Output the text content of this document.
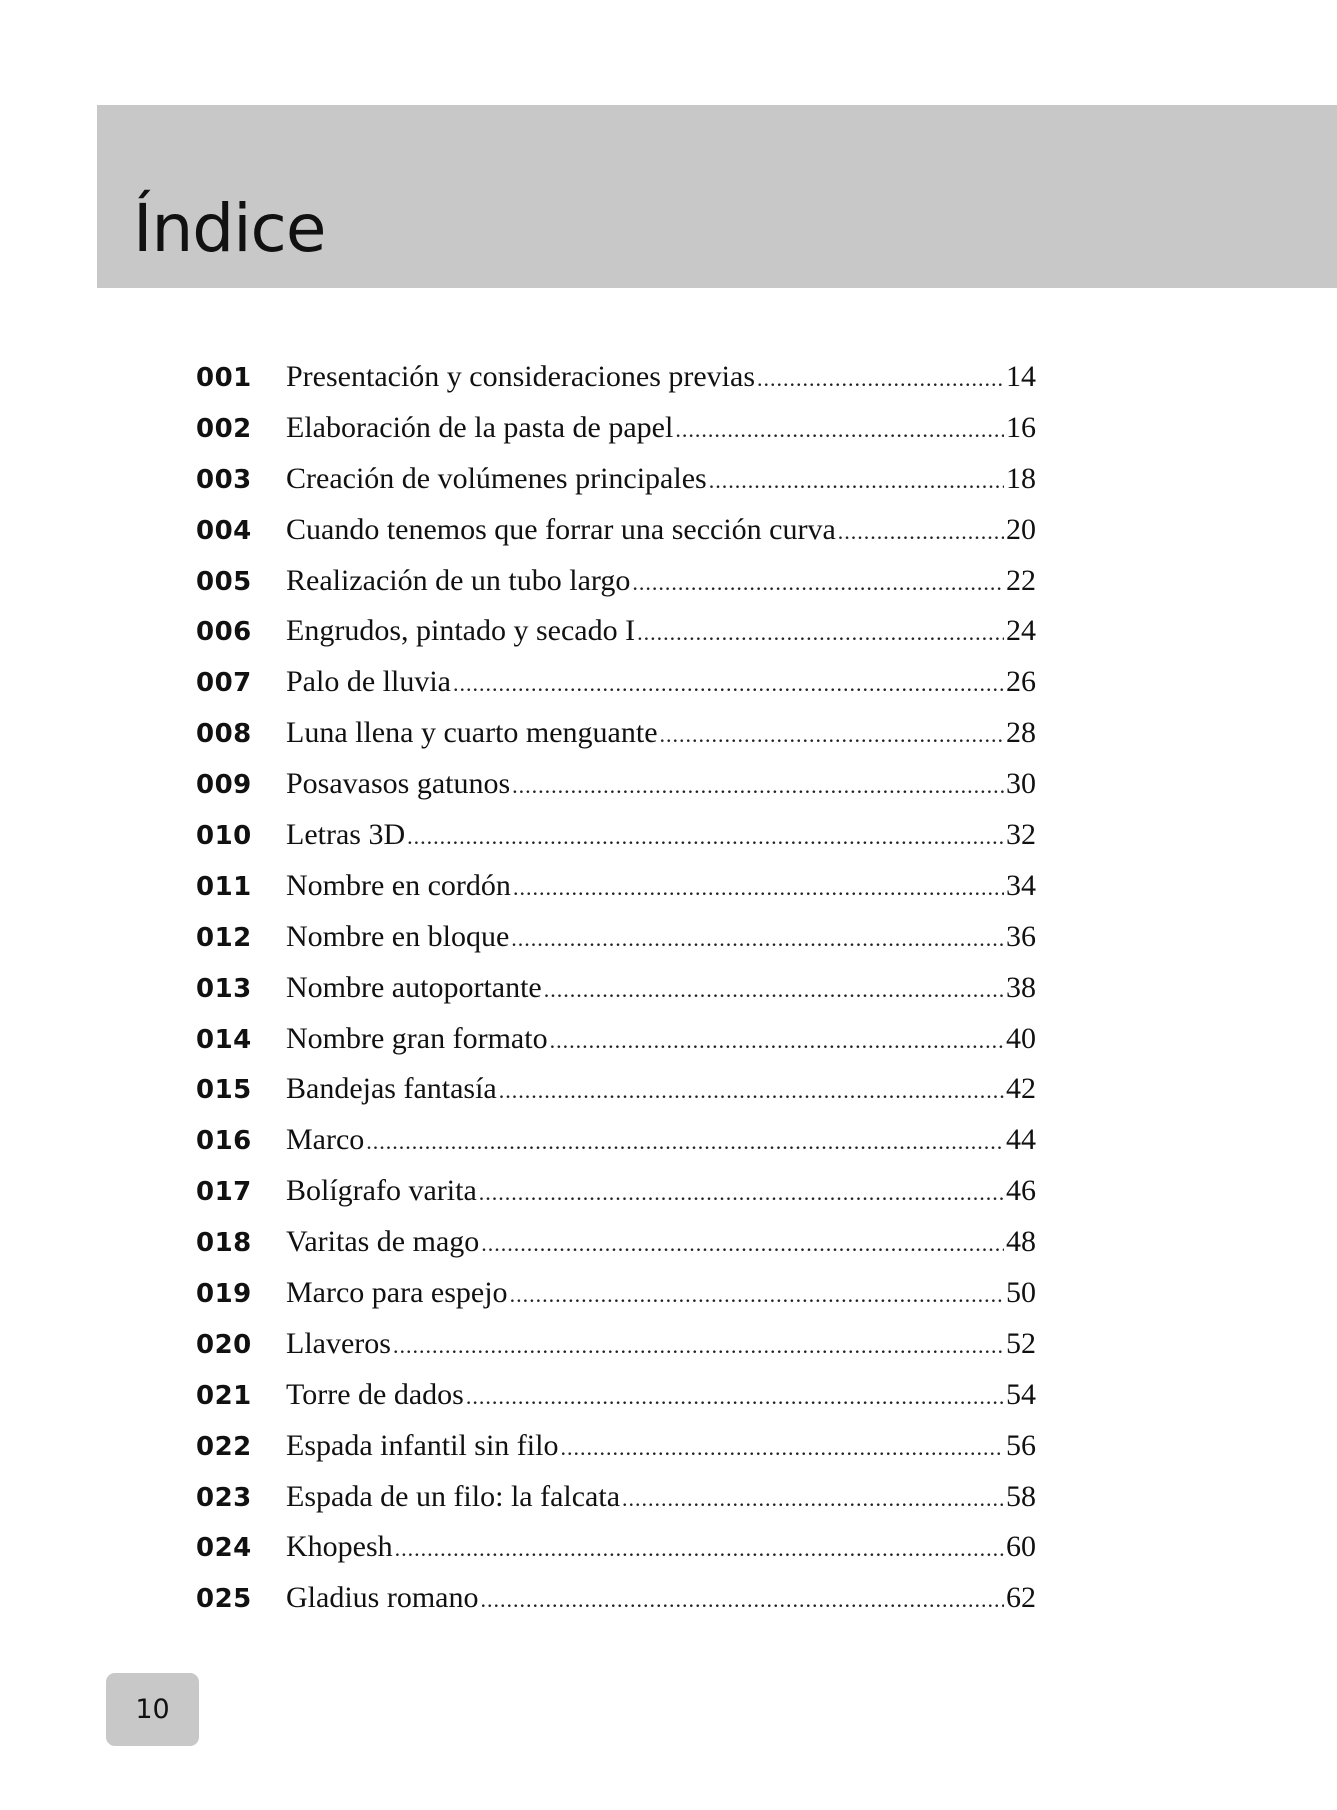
Índice
001	Presentación y consideraciones previas .....	14
002	Elaboración de la pasta de papel .....	16
003	Creación de volúmenes principales .....	18
004	Cuando tenemos que forrar una sección curva .....	20
005	Realización de un tubo largo .....	22
006	Engrudos, pintado y secado I .....	24
007	Palo de lluvia .....	26
008	Luna llena y cuarto menguante .....	28
009	Posavasos gatunos .....	30
010	Letras 3D .....	32
011	Nombre en cordón .....	34
012	Nombre en bloque .....	36
013	Nombre autoportante .....	38
014	Nombre gran formato .....	40
015	Bandejas fantasía .....	42
016	Marco .....	44
017	Bolígrafo varita .....	46
018	Varitas de mago .....	48
019	Marco para espejo .....	50
020	Llaveros .....	52
021	Torre de dados .....	54
022	Espada infantil sin filo .....	56
023	Espada de un filo: la falcata .....	58
024	Khopesh .....	60
025	Gladius romano .....	62
10
